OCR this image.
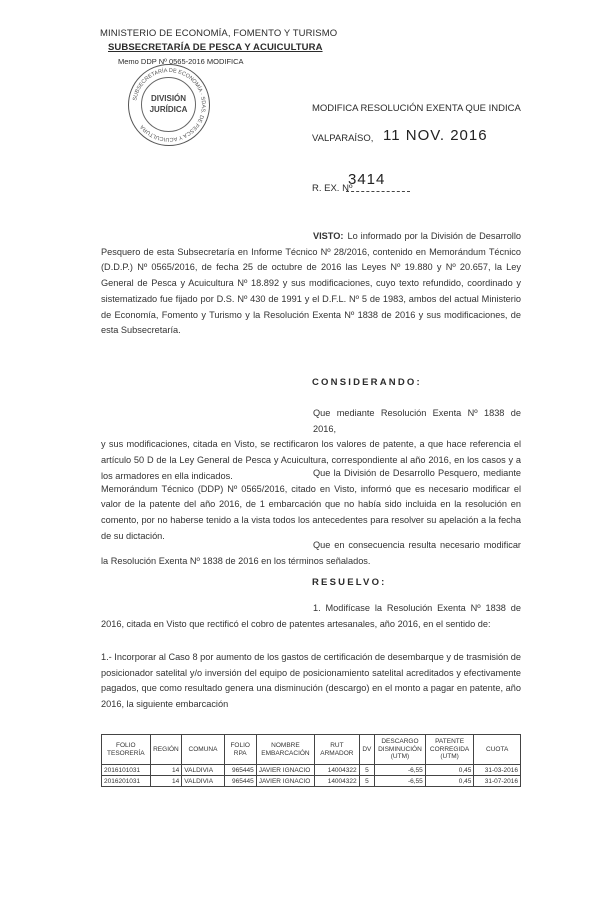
MINISTERIO DE ECONOMÍA, FOMENTO Y TURISMO
SUBSECRETARÍA DE PESCA Y ACUICULTURA
Memo DDP Nº 0565-2016 MODIFICA
SUBSECRETARÍA DE ECONOMÍA · SDAS. DE PESCA Y ACUICULTURA
DIVISIÓN
JURÍDICA	MODIFICA RESOLUCIÓN EXENTA QUE INDICA
VALPARAÍSO, 11 NOV. 2016
R. EX. Nº
3414
VISTO: Lo informado por la División de Desarrollo Pesquero de esta Subsecretaría en Informe Técnico Nº 28/2016, contenido en Memorándum Técnico (D.D.P.) Nº 0565/2016, de fecha 25 de octubre de 2016 las Leyes Nº 19.880 y Nº 20.657, la Ley General de Pesca y Acuicultura Nº 18.892 y sus modificaciones, cuyo texto refundido, coordinado y sistematizado fue fijado por D.S. Nº 430 de 1991 y el D.F.L. Nº 5 de 1983, ambos del actual Ministerio de Economía, Fomento y Turismo y la Resolución Exenta Nº 1838 de 2016 y sus modificaciones, de esta Subsecretaría.
CONSIDERANDO:
Que mediante Resolución Exenta Nº 1838 de 2016,
y sus modificaciones, citada en Visto, se rectificaron los valores de patente, a que hace referencia el artículo 50 D de la Ley General de Pesca y Acuicultura, correspondiente al año 2016, en los casos y a los armadores en ella indicados.	Que la División de Desarrollo Pesquero, mediante
Memorándum Técnico (DDP) Nº 0565/2016, citado en Visto, informó que es necesario modificar el valor de la patente del año 2016, de 1 embarcación que no había sido incluida en la resolución en comento, por no haberse tenido a la vista todos los antecedentes para resolver su apelación a la fecha de su dictación.
Que en consecuencia resulta necesario modificar
la Resolución Exenta Nº 1838 de 2016 en los términos señalados.
RESUELVO:
1. Modifícase la Resolución Exenta Nº 1838 de
2016, citada en Visto que rectificó el cobro de patentes artesanales, año 2016, en el sentido de:
1.- Incorporar al Caso 8 por aumento de los gastos de certificación de desembarque y de trasmisión de posicionador satelital y/o inversión del equipo de posicionamiento satelital acreditados y efectivamente pagados, que como resultado genera una disminución (descargo) en el monto a pagar en patente, año 2016, la siguiente embarcación
FOLIO TESORERÍA	REGIÓN	COMUNA	FOLIO RPA	NOMBRE EMBARCACIÓN	RUT ARMADOR	DV	DESCARGO DISMINUCIÓN (UTM)	PATENTE CORREGIDA (UTM)	CUOTA
2016101031	14	VALDIVIA	965445	JAVIER IGNACIO	14004322	5	-6,55	0,45	31-03-2016
2016201031	14	VALDIVIA	965445	JAVIER IGNACIO	14004322	5	-6,55	0,45	31-07-2016
